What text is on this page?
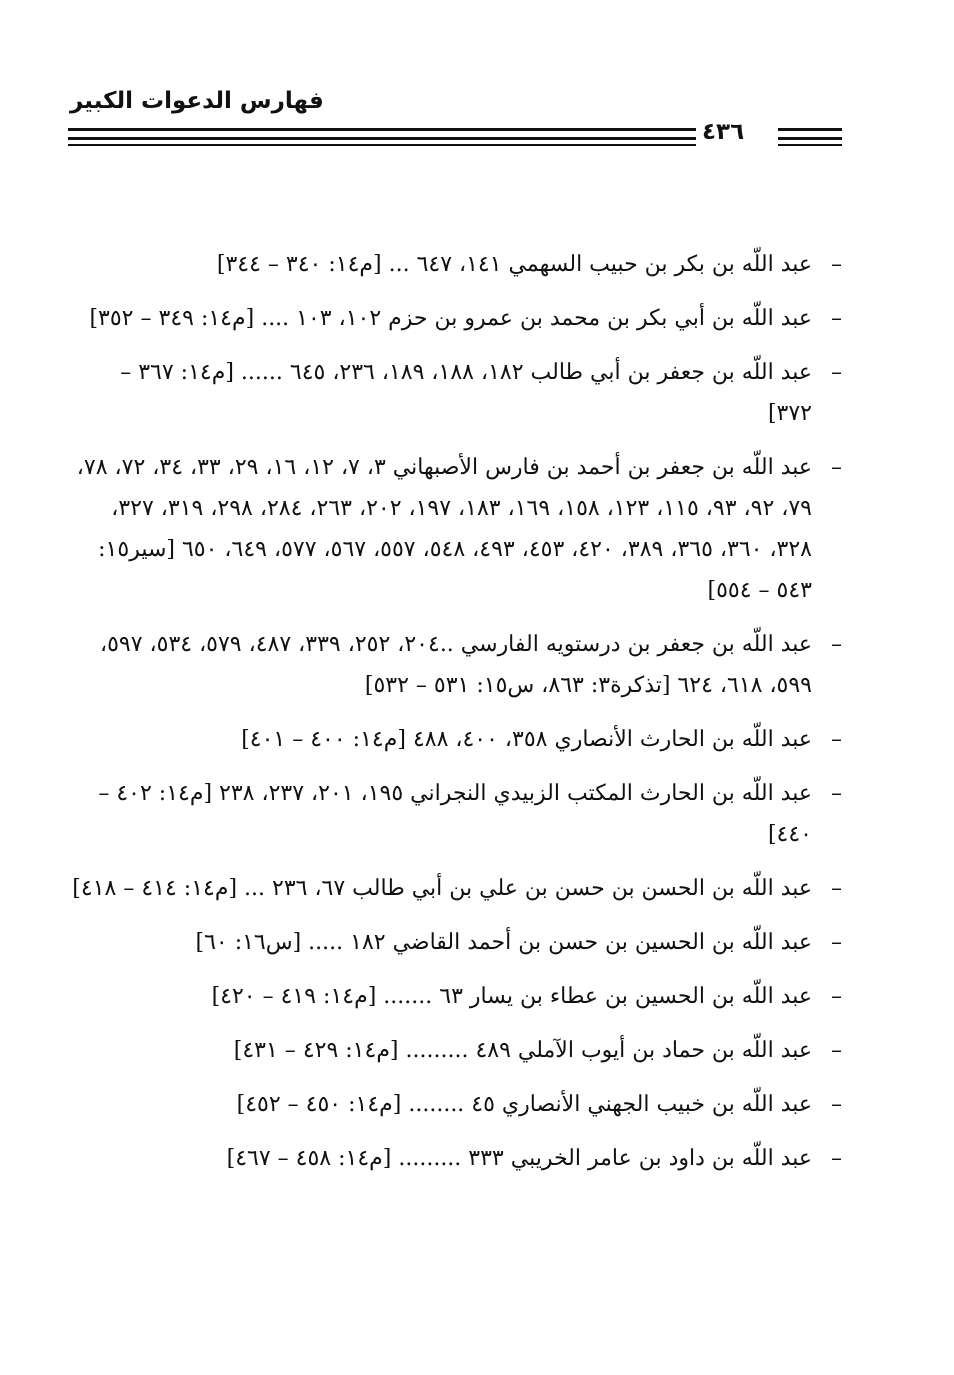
فهارس الدعوات الكبير
٤٣٦
–
عبد اللّه بن بكر بن حبيب السهمي ١٤١، ٦٤٧ ... [م١٤: ٣٤٠ – ٣٤٤]
–
عبد اللّه بن أبي بكر بن محمد بن عمرو بن حزم ١٠٢، ١٠٣ .... [م١٤: ٣٤٩ – ٣٥٢]
–
عبد اللّه بن جعفر بن أبي طالب ١٨٢، ١٨٨، ١٨٩، ٢٣٦، ٦٤٥ ...... [م١٤: ٣٦٧ – ٣٧٢]
–
عبد اللّه بن جعفر بن أحمد بن فارس الأصبهاني ٣، ٧، ١٢، ١٦، ٢٩، ٣٣، ٣٤، ٧٢، ٧٨، ٧٩، ٩٢، ٩٣، ١١٥، ١٢٣، ١٥٨، ١٦٩، ١٨٣، ١٩٧، ٢٠٢، ٢٦٣، ٢٨٤، ٢٩٨، ٣١٩، ٣٢٧، ٣٢٨، ٣٦٠، ٣٦٥، ٣٨٩، ٤٢٠، ٤٥٣، ٤٩٣، ٥٤٨، ٥٥٧، ٥٦٧، ٥٧٧، ٦٤٩، ٦٥٠ [سير١٥: ٥٤٣ – ٥٥٤]
–
عبد اللّه بن جعفر بن درستويه الفارسي ..٢٠٤، ٢٥٢، ٣٣٩، ٤٨٧، ٥٧٩، ٥٣٤، ٥٩٧، ٥٩٩، ٦١٨، ٦٢٤ [تذكرة٣: ٨٦٣، س١٥: ٥٣١ – ٥٣٢]
–
عبد اللّه بن الحارث الأنصاري ٣٥٨، ٤٠٠، ٤٨٨ [م١٤: ٤٠٠ – ٤٠١]
–
عبد اللّه بن الحارث المكتب الزبيدي النجراني ١٩٥، ٢٠١، ٢٣٧، ٢٣٨ [م١٤: ٤٠٢ – ٤٤٠]
–
عبد اللّه بن الحسن بن حسن بن علي بن أبي طالب ٦٧، ٢٣٦ ... [م١٤: ٤١٤ – ٤١٨]
–
عبد اللّه بن الحسين بن حسن بن أحمد القاضي ١٨٢ ..... [س١٦: ٦٠]
–
عبد اللّه بن الحسين بن عطاء بن يسار ٦٣ ....... [م١٤: ٤١٩ – ٤٢٠]
–
عبد اللّه بن حماد بن أيوب الآملي ٤٨٩ ......... [م١٤: ٤٢٩ – ٤٣١]
–
عبد اللّه بن خبيب الجهني الأنصاري ٤٥ ........ [م١٤: ٤٥٠ – ٤٥٢]
–
عبد اللّه بن داود بن عامر الخريبي ٣٣٣ ......... [م١٤: ٤٥٨ – ٤٦٧]
